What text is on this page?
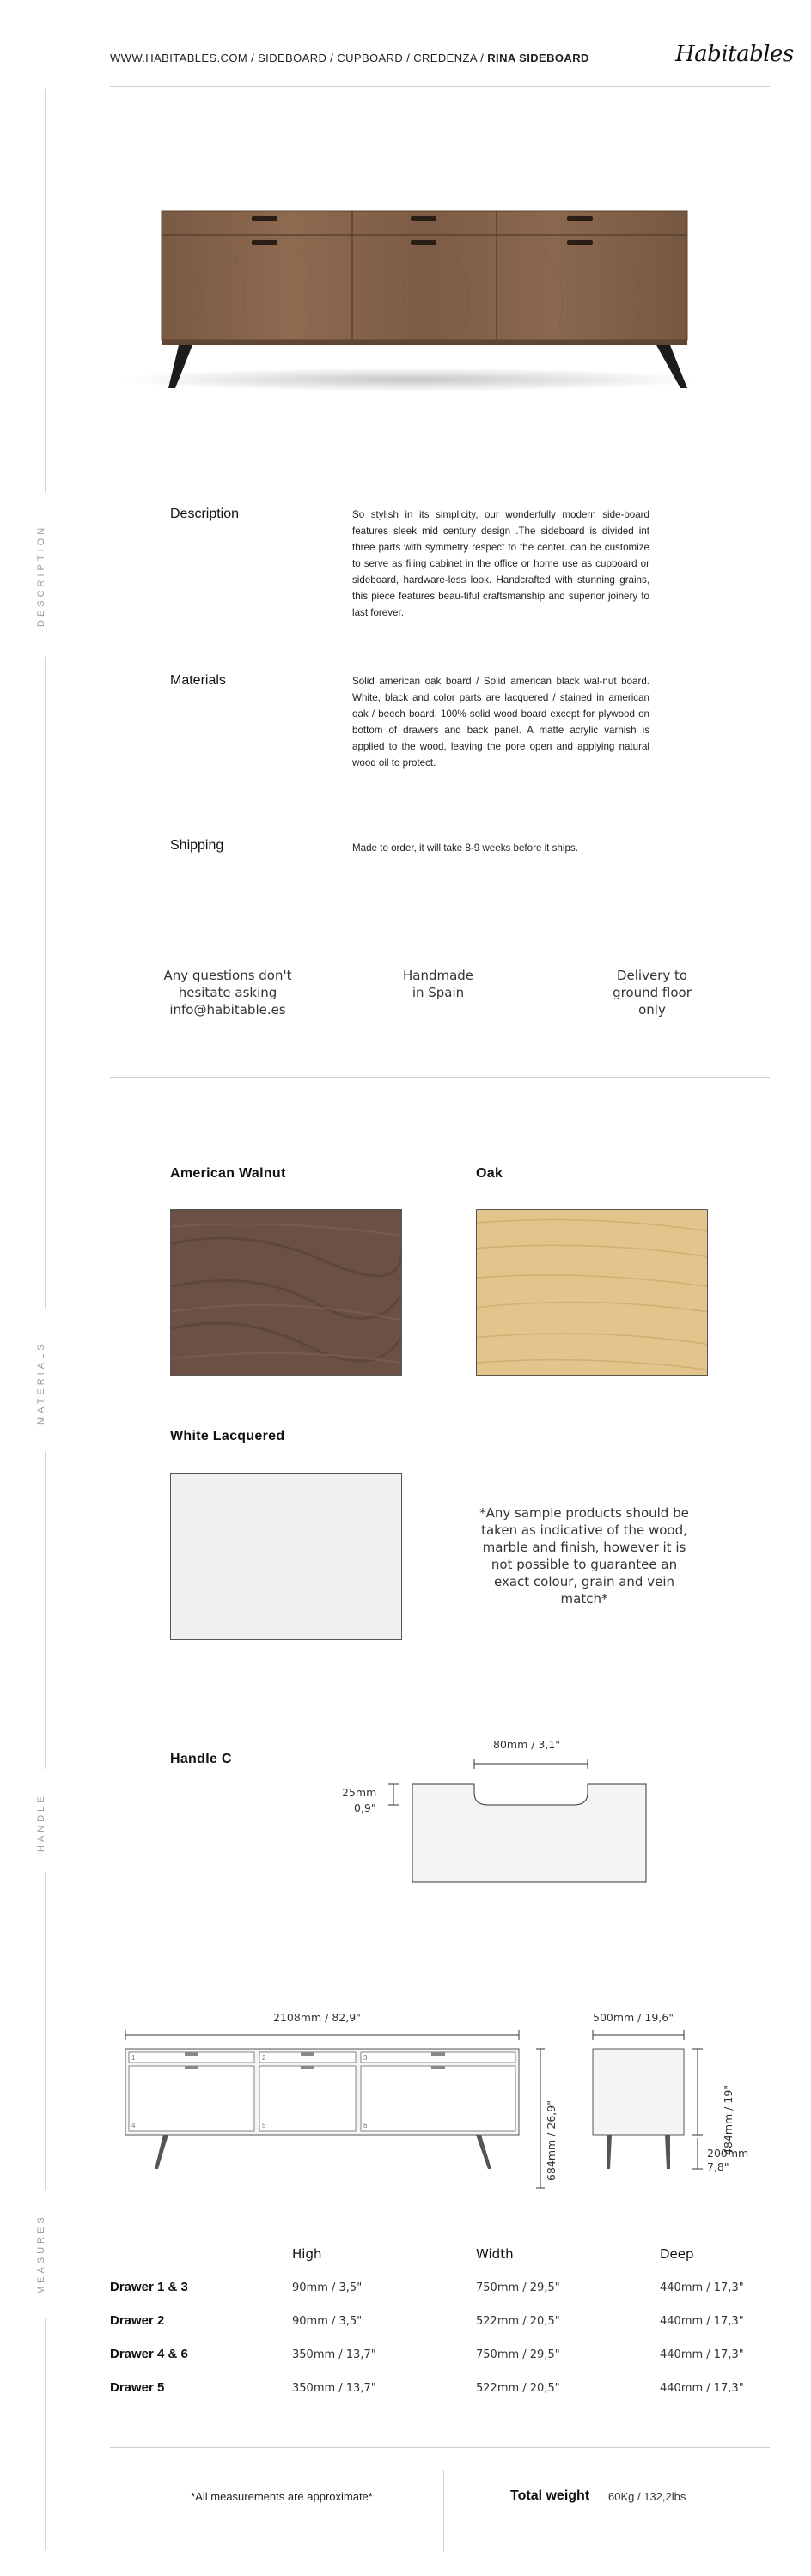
WWW.HABITABLES.COM / SIDEBOARD / CUPBOARD / CREDENZA / RINA SIDEBOARD	Habitables
DESCRIPTION
MATERIALS
HANDLE
MEASURES
Description	So stylish in its simplicity, our wonderfully modern side-board features sleek mid century design .The sideboard is divided int three parts with symmetry respect to the center. can be customize to serve as filing cabinet in the office or home use as cupboard or sideboard, hardware-less look. Handcrafted with stunning grains, this piece features beau-tiful craftsmanship and superior joinery to last forever.
Materials	Solid american oak board / Solid american black wal-nut board. White, black and color parts are lacquered / stained in american oak / beech board. 100% solid wood board except for plywood on bottom of drawers and back panel. A matte acrylic varnish is applied to the wood, leaving the pore open and applying natural wood oil to protect.
Shipping	Made to order, it will take 8-9 weeks before it ships.
Any questions don't hesitate asking info@habitable.es
Handmade in Spain
Delivery to ground floor only
American Walnut	Oak
White Lacquered
*Any sample products should be taken as indicative of the wood, marble and finish, however it is not possible to guarantee an exact colour, grain and vein match*
Handle C
80mm / 3,1"
25mm
0,9"
2108mm / 82,9"	500mm / 19,6"
1	2	3
4	5	6	684mm / 26,9"	484mm / 19"
200mm
7,8"
High	Width	Deep
Drawer 1 & 3	90mm / 3,5"	750mm / 29,5"	440mm / 17,3"
Drawer 2	90mm / 3,5"	522mm / 20,5"	440mm / 17,3"
Drawer 4 & 6	350mm / 13,7"	750mm / 29,5"	440mm / 17,3"
Drawer 5	350mm / 13,7"	522mm / 20,5"	440mm / 17,3"
*All measurements are approximate*	Total weight 60Kg / 132,2lbs
